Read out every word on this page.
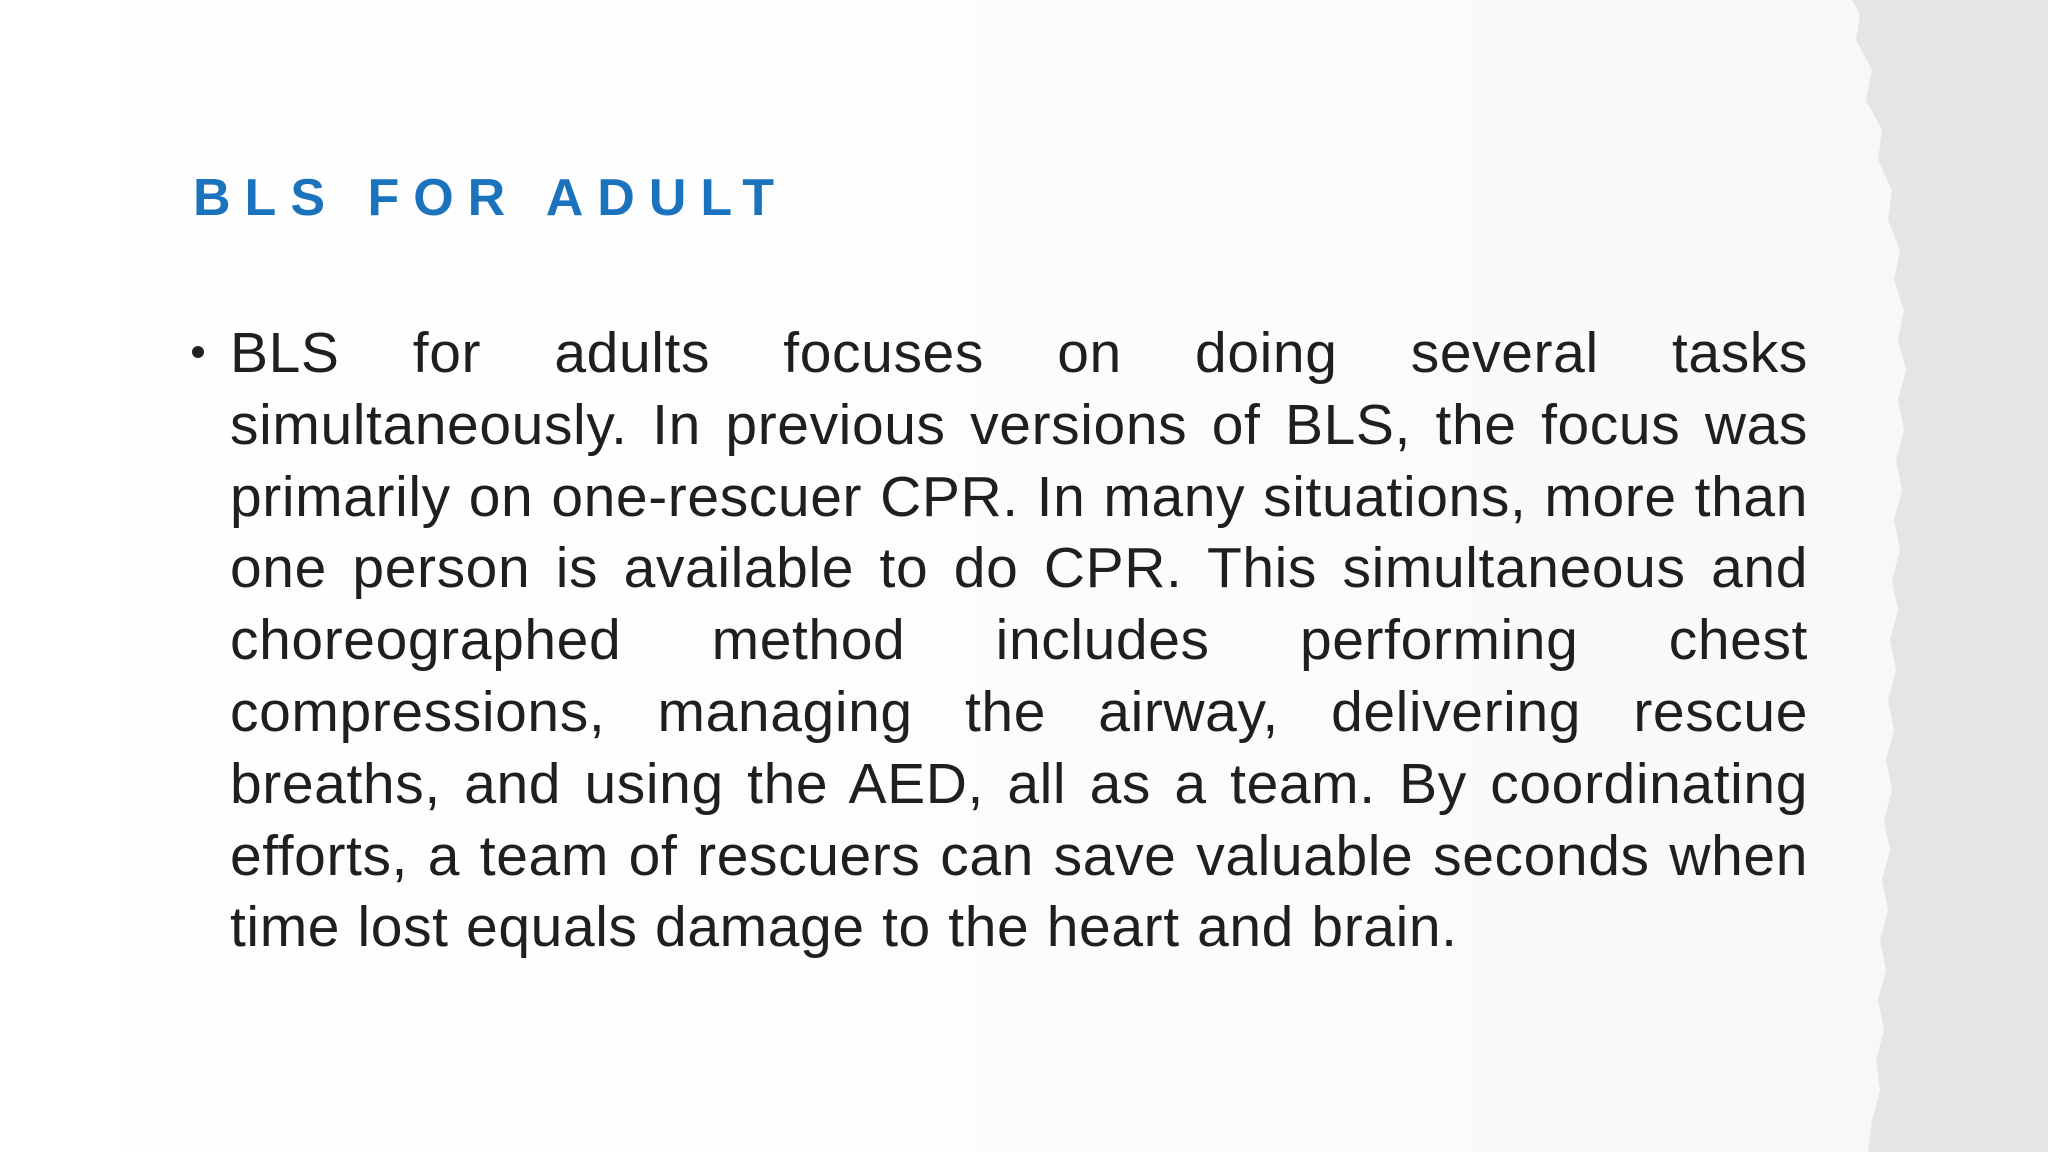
BLS FOR ADULT
BLS for adults focuses on doing several tasks simultaneously. In previous versions of BLS, the focus was primarily on one-rescuer CPR. In many situations, more than one person is available to do CPR. This simultaneous and choreographed method includes performing chest compressions, managing the airway, delivering rescue breaths, and using the AED, all as a team. By coordinating efforts, a team of rescuers can save valuable seconds when time lost equals damage to the heart and brain.
